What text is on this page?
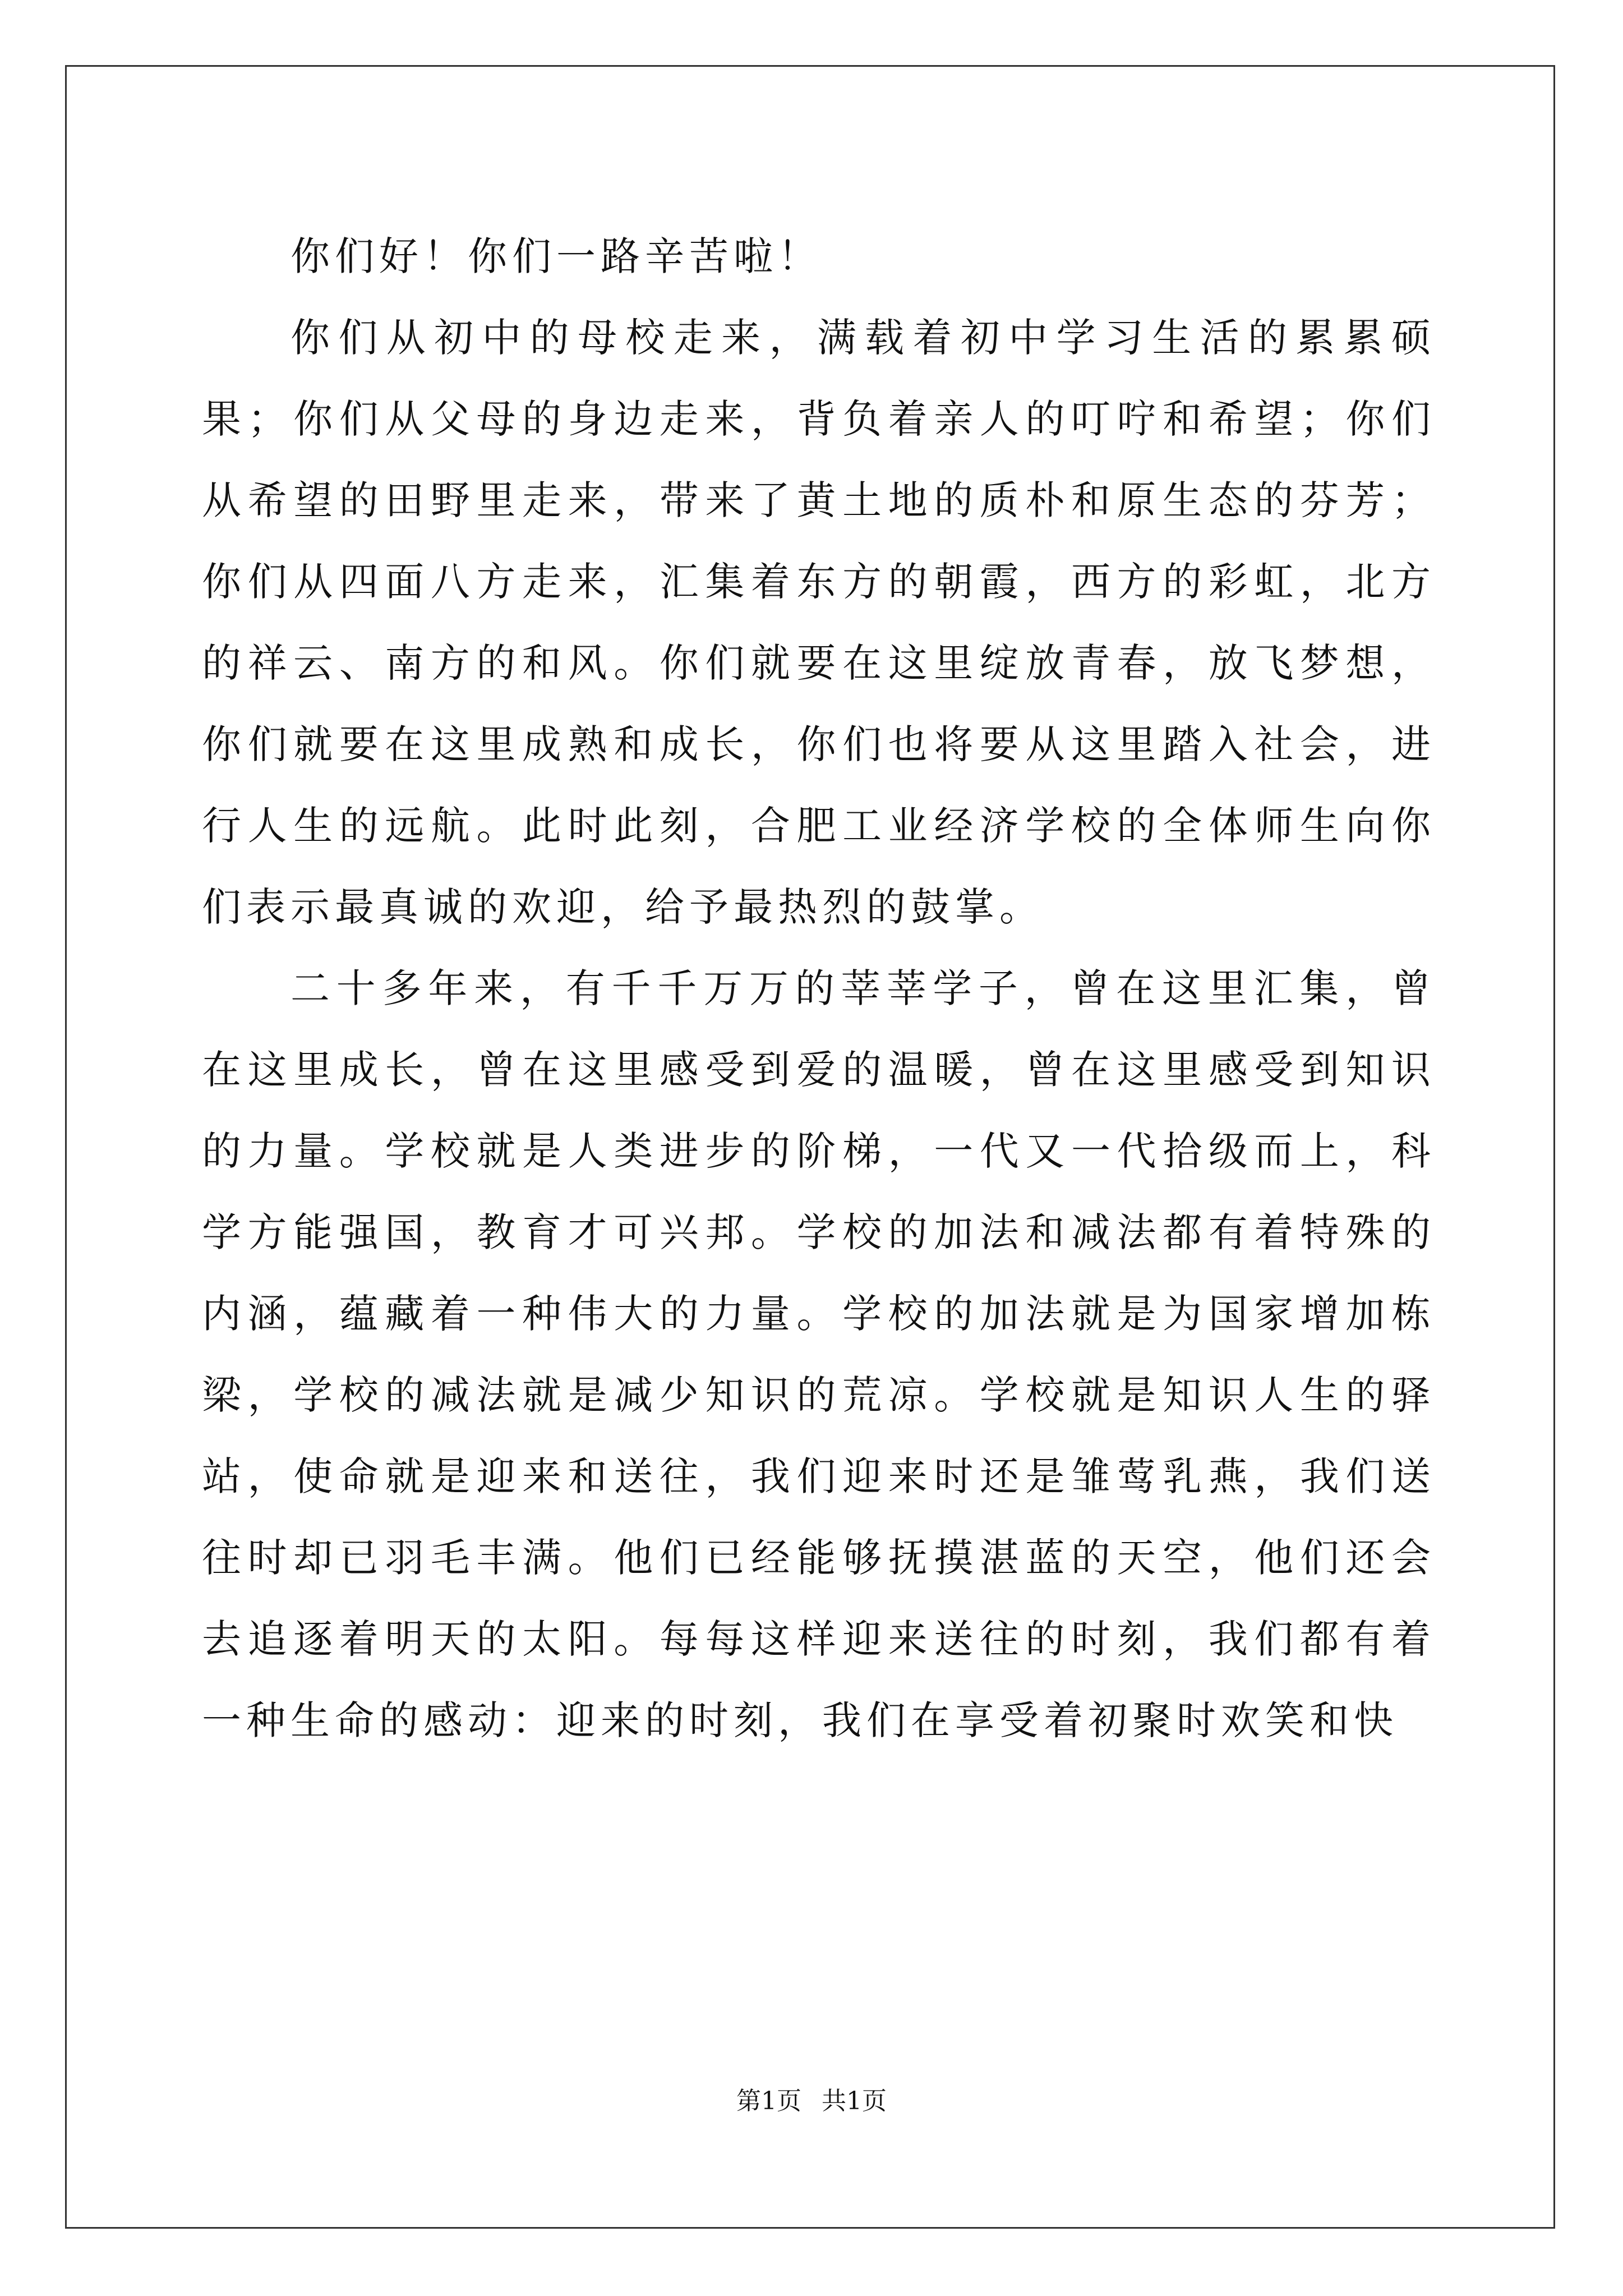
你们好！你们一路辛苦啦！

你们从初中的母校走来，满载着初中学习生活的累累硕果；你们从父母的身边走来，背负着亲人的叮咛和希望；你们从希望的田野里走来，带来了黄土地的质朴和原生态的芬芳；你们从四面八方走来，汇集着东方的朝霞，西方的彩虹，北方的祥云、南方的和风。你们就要在这里绽放青春，放飞梦想，你们就要在这里成熟和成长，你们也将要从这里踏入社会，进行人生的远航。此时此刻，合肥工业经济学校的全体师生向你们表示最真诚的欢迎，给予最热烈的鼓掌。

二十多年来，有千千万万的莘莘学子，曾在这里汇集，曾在这里成长，曾在这里感受到爱的温暖，曾在这里感受到知识的力量。学校就是人类进步的阶梯，一代又一代拾级而上，科学方能强国，教育才可兴邦。学校的加法和减法都有着特殊的内涵，蕴藏着一种伟大的力量。学校的加法就是为国家增加栋梁，学校的减法就是减少知识的荒凉。学校就是知识人生的驿站，使命就是迎来和送往，我们迎来时还是雏莺乳燕，我们送往时却已羽毛丰满。他们已经能够抚摸湛蓝的天空，他们还会去追逐着明天的太阳。每每这样迎来送往的时刻，我们都有着一种生命的感动：迎来的时刻，我们在享受着初聚时欢笑和快

第1页 共1页
